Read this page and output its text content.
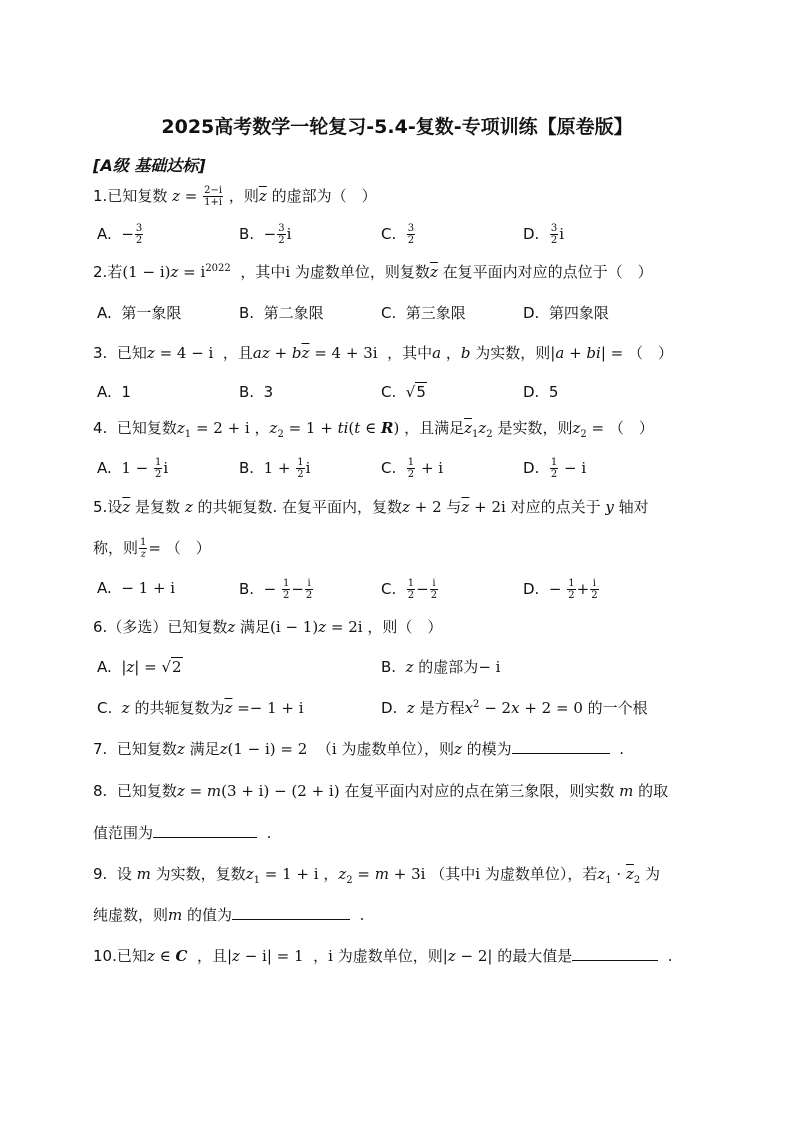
2025高考数学一轮复习-5.4-复数-专项训练【原卷版】
[A级 基础达标]
1.已知复数 $z = \frac{2-i}{1+i}$ ，则$\overline{z}$ 的虚部为（　）
A. − $\frac{3}{2}$	B. − $\frac{3}{2}$ i	C. $\frac{3}{2}$	D. $\frac{3}{2}$ i
2.若$(1 - i)z = i^{2022}$ ，其中i 为虚数单位，则复数$\overline{z}$ 在复平面内对应的点位于（　）
A. 第一象限	B. 第二象限	C. 第三象限	D. 第四象限
3. 已知z = 4 − i ，且az + $b\overline{z} = 4 + 3i$ ，其中a ，b 为实数，则|a + bi| = （　）
A. 1	B. 3	C. √5	D. 5
4. 已知复数$z_1 = 2 + i$ ，$z_2 = 1 + ti(t$ ∈ R) ，且满足$\overline{z}_1z_2$ 是实数，则$z_2$ = （　）
A. $1 - \frac{1}{2}$ i	B. $1 + \frac{1}{2}$ i	C. $\frac{1}{2} + i$	D. $\frac{1}{2} - i$
5.设$\overline{z}$ 是复数 z 的共轭复数. 在复平面内，复数z + 2 与$\overline{z} + 2i$ 对应的点关于 y 轴对
称，则 $\frac{1}{z}$ = （　）
A. − 1 + i	B. − $\frac{1}{2} - \frac{i}{2}$	C. $\frac{1}{2} - \frac{i}{2}$	D. − $\frac{1}{2} + \frac{i}{2}$
6.（多选）已知复数z 满足(i − 1)z = 2i ，则（　）
A. |z| = √2	B. z 的虚部为− i
C. z 的共轭复数为$\overline{z} =- 1 + i$	D. z 是方程$x^2 - 2x + 2 = 0$ 的一个根
7. 已知复数z 满足z(1 − i) = 2 （i 为虚数单位），则z 的模为	.
8. 已知复数z = m(3 + i) − (2 + i) 在复平面内对应的点在第三象限，则实数 m 的取
值范围为	.
9. 设 m 为实数，复数$z_1 = 1 + i$ ，$z_2 = m + 3i$ （其中i 为虚数单位），若$z_1 \cdot \overline{z}_2$ 为
纯虚数，则m 的值为	.
10.已知z ∈ C ，且|z − i| = 1 ，i 为虚数单位，则|z − 2| 的最大值是	.
